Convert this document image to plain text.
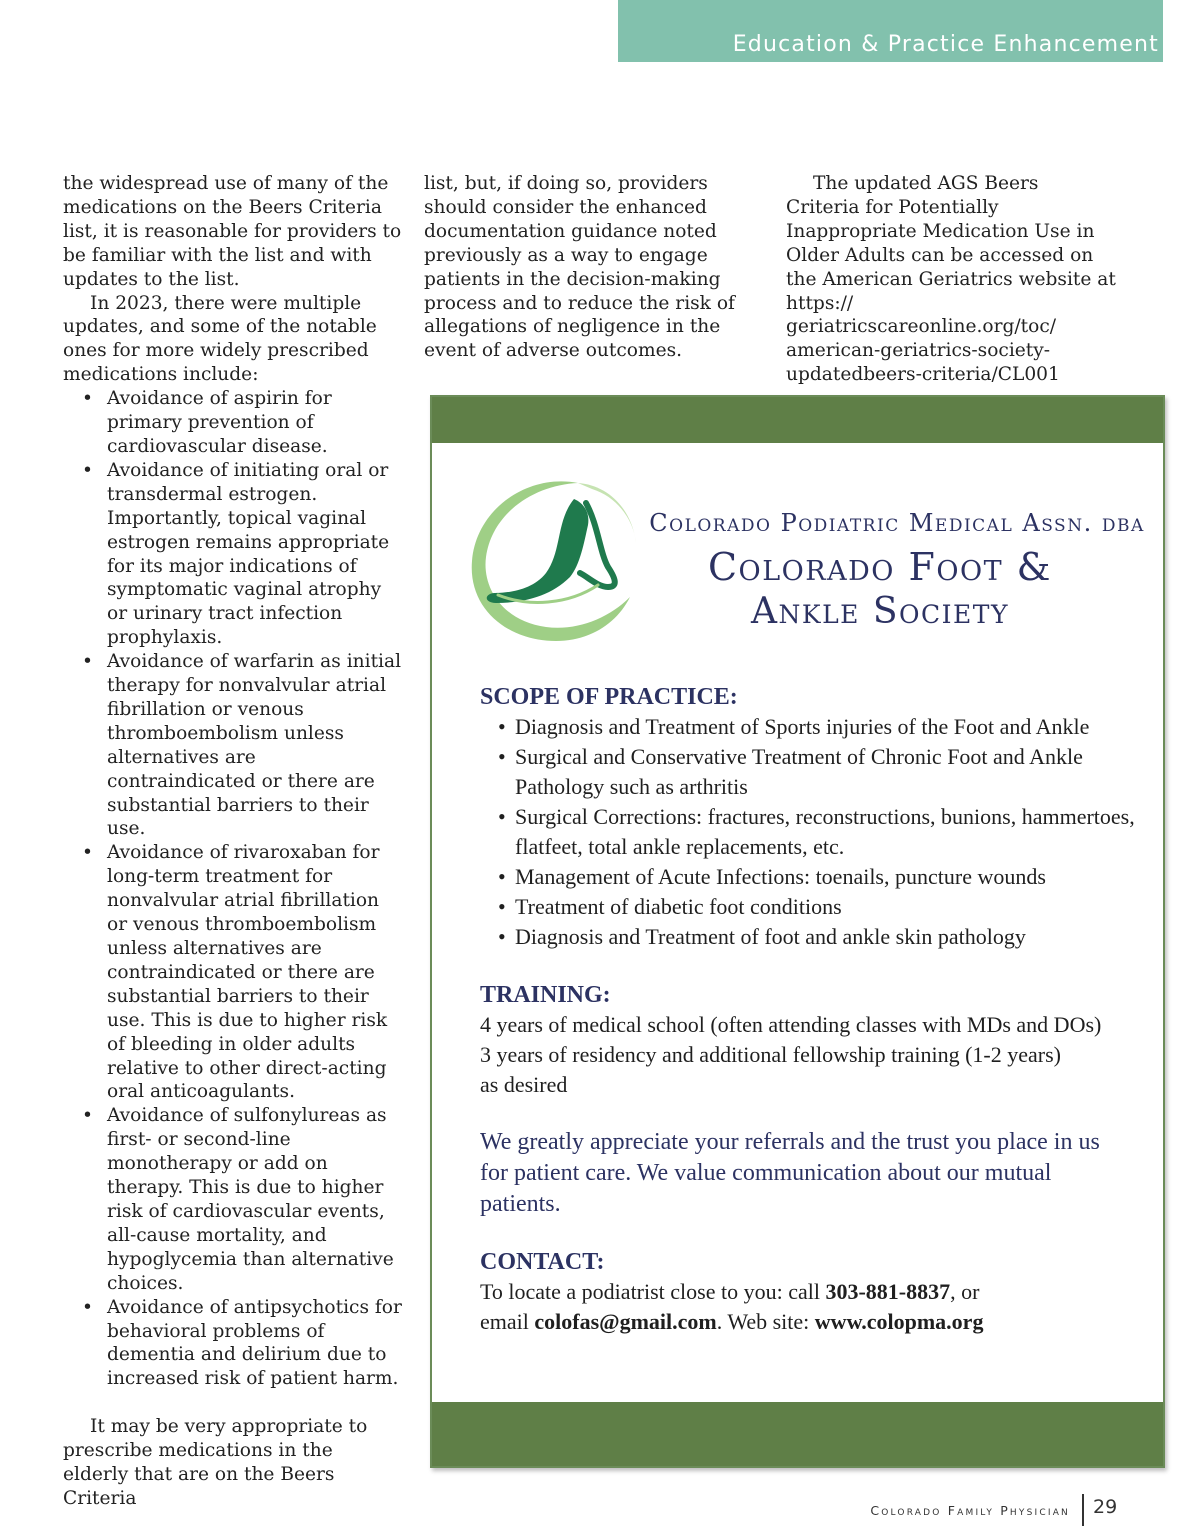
Education & Practice Enhancement

the widespread use of many of the medications on the Beers Criteria list, it is reasonable for providers to be familiar with the list and with updates to the list.

In 2023, there were multiple updates, and some of the notable ones for more widely prescribed medications include:

• Avoidance of aspirin for primary prevention of cardiovascular disease.
• Avoidance of initiating oral or transdermal estrogen. Importantly, topical vaginal estrogen remains appropriate for its major indications of symptomatic vaginal atrophy or urinary tract infection prophylaxis.
• Avoidance of warfarin as initial therapy for nonvalvular atrial fibrillation or venous thromboembolism unless alternatives are contraindicated or there are substantial barriers to their use.
• Avoidance of rivaroxaban for long-term treatment for nonvalvular atrial fibrillation or venous thromboembolism unless alternatives are contraindicated or there are substantial barriers to their use. This is due to higher risk of bleeding in older adults relative to other direct-acting oral anticoagulants.
• Avoidance of sulfonylureas as first- or second-line monotherapy or add on therapy. This is due to higher risk of cardiovascular events, all-cause mortality, and hypoglycemia than alternative choices.
• Avoidance of antipsychotics for behavioral problems of dementia and delirium due to increased risk of patient harm.

It may be very appropriate to prescribe medications in the elderly that are on the Beers Criteria

list, but, if doing so, providers should consider the enhanced documentation guidance noted previously as a way to engage patients in the decision-making process and to reduce the risk of allegations of negligence in the event of adverse outcomes.

The updated AGS Beers Criteria for Potentially Inappropriate Medication Use in Older Adults can be accessed on the American Geriatrics website at https:// geriatricscareonline.org/toc/ american-geriatrics-society-updatedbeers-criteria/CL001

Colorado Podiatric Medical Assn. dba
Colorado Foot &
Ankle Society

SCOPE OF PRACTICE:

• Diagnosis and Treatment of Sports injuries of the Foot and Ankle
• Surgical and Conservative Treatment of Chronic Foot and Ankle Pathology such as arthritis
• Surgical Corrections: fractures, reconstructions, bunions, hammertoes, flatfeet, total ankle replacements, etc.
• Management of Acute Infections: toenails, puncture wounds
• Treatment of diabetic foot conditions
• Diagnosis and Treatment of foot and ankle skin pathology

TRAINING:

4 years of medical school (often attending classes with MDs and DOs)

3 years of residency and additional fellowship training (1-2 years) as desired

We greatly appreciate your referrals and the trust you place in us for patient care. We value communication about our mutual patients.

CONTACT:

To locate a podiatrist close to you: call 303-881-8837, or

email colofas@gmail.com. Web site: www.colopma.org

Colorado Family Physician 29
